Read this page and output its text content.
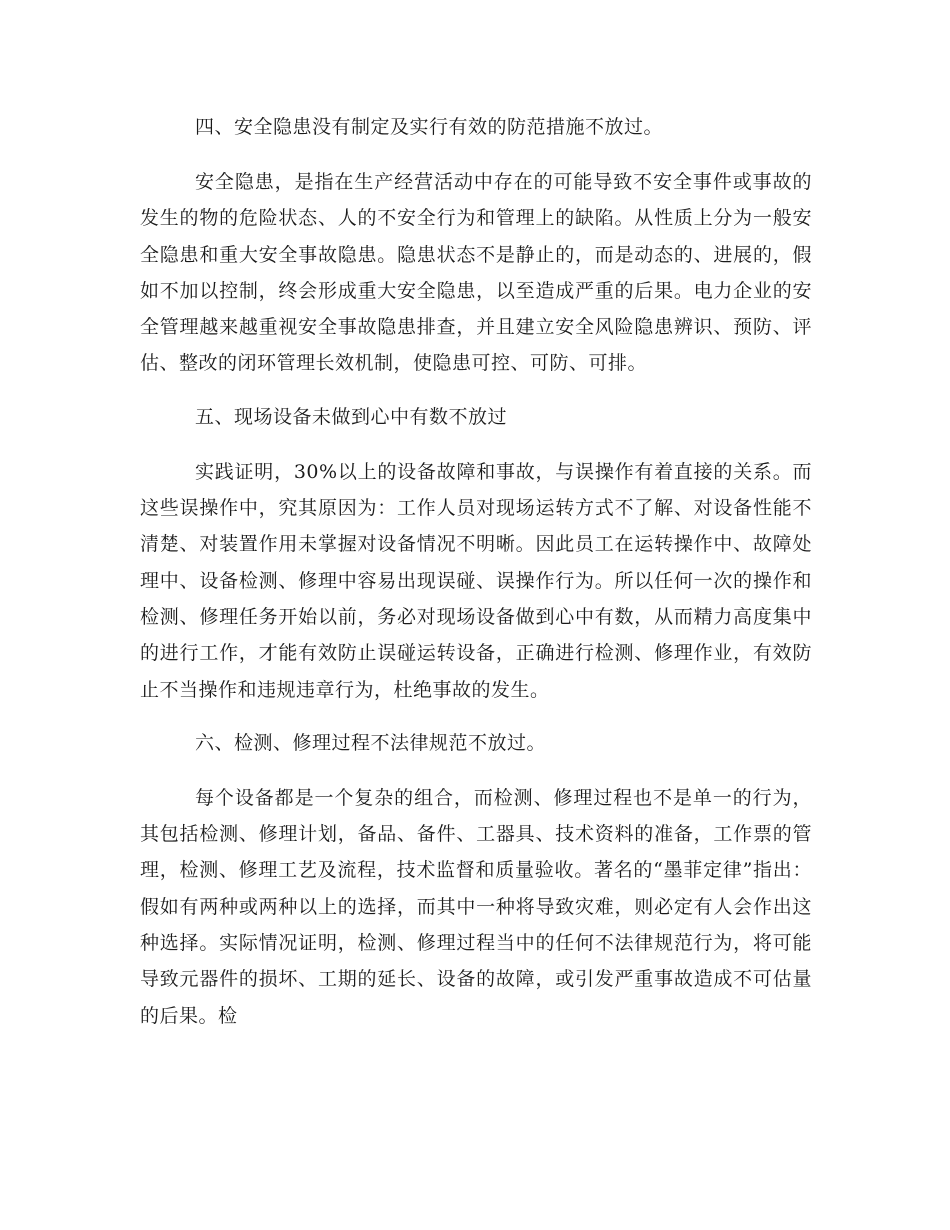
四、安全隐患没有制定及实行有效的防范措施不放过。

安全隐患，是指在生产经营活动中存在的可能导致不安全事件或事故的发生的物的危险状态、人的不安全行为和管理上的缺陷。从性质上分为一般安全隐患和重大安全事故隐患。隐患状态不是静止的，而是动态的、进展的，假如不加以控制，终会形成重大安全隐患，以至造成严重的后果。电力企业的安全管理越来越重视安全事故隐患排查，并且建立安全风险隐患辨识、预防、评估、整改的闭环管理长效机制，使隐患可控、可防、可排。

五、现场设备未做到心中有数不放过

实践证明，30%以上的设备故障和事故，与误操作有着直接的关系。而这些误操作中，究其原因为：工作人员对现场运转方式不了解、对设备性能不清楚、对装置作用未掌握对设备情况不明晰。因此员工在运转操作中、故障处理中、设备检测、修理中容易出现误碰、误操作行为。所以任何一次的操作和检测、修理任务开始以前，务必对现场设备做到心中有数，从而精力高度集中的进行工作，才能有效防止误碰运转设备，正确进行检测、修理作业，有效防止不当操作和违规违章行为，杜绝事故的发生。

六、检测、修理过程不法律规范不放过。

每个设备都是一个复杂的组合，而检测、修理过程也不是单一的行为，其包括检测、修理计划，备品、备件、工器具、技术资料的准备，工作票的管理，检测、修理工艺及流程，技术监督和质量验收。著名的“墨菲定律”指出：假如有两种或两种以上的选择，而其中一种将导致灾难，则必定有人会作出这种选择。实际情况证明，检测、修理过程当中的任何不法律规范行为，将可能导致元器件的损坏、工期的延长、设备的故障，或引发严重事故造成不可估量的后果。检
